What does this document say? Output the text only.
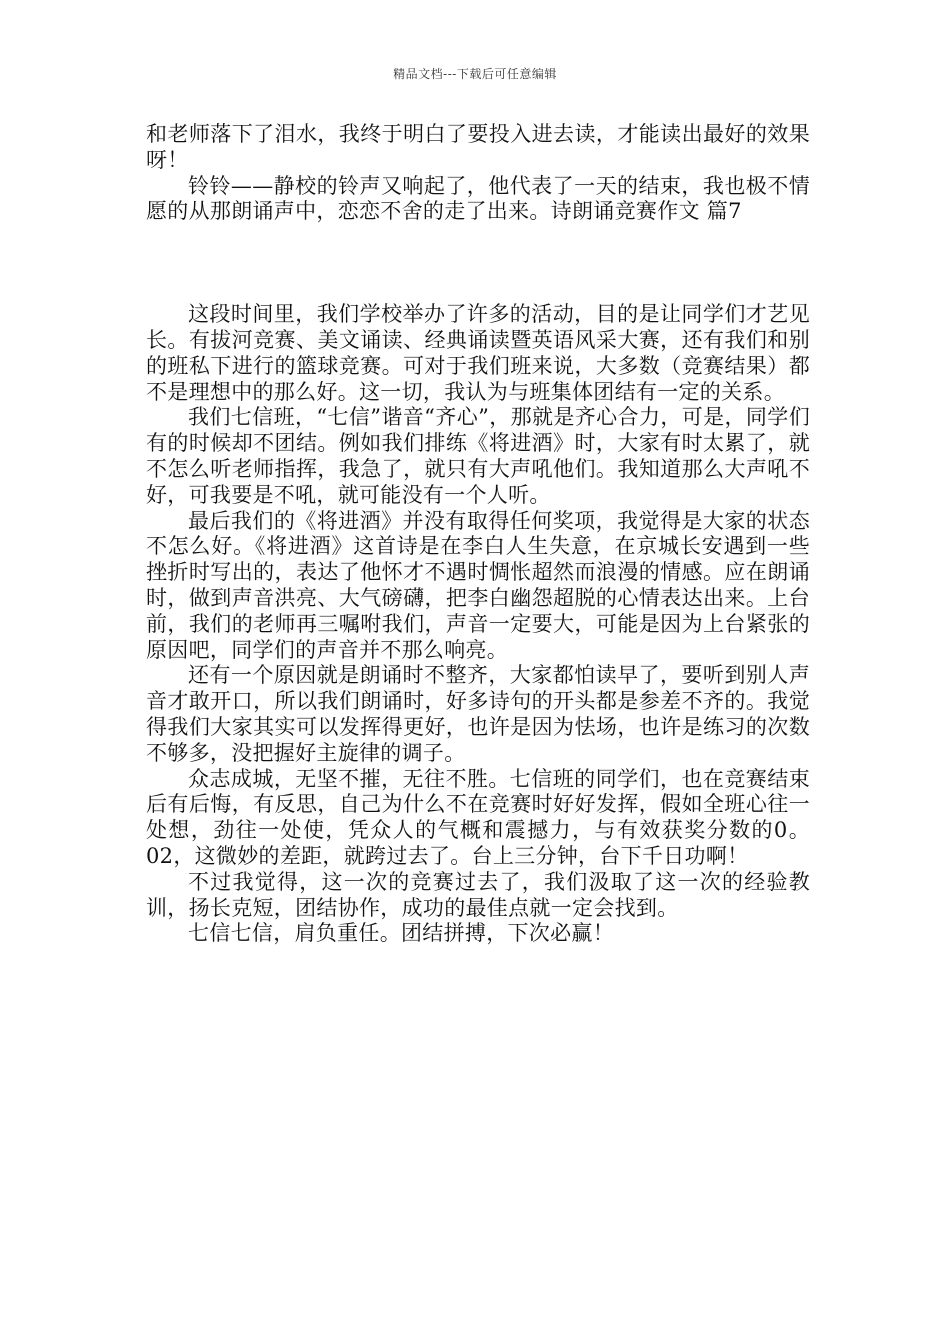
精品文档---下载后可任意编辑

和老师落下了泪水，我终于明白了要投入进去读，才能读出最好的效果呀！

铃铃——静校的铃声又响起了，他代表了一天的结束，我也极不情愿的从那朗诵声中，恋恋不舍的走了出来。诗朗诵竞赛作文 篇7

这段时间里，我们学校举办了许多的活动，目的是让同学们才艺见长。有拔河竞赛、美文诵读、经典诵读暨英语风采大赛，还有我们和别的班私下进行的篮球竞赛。可对于我们班来说，大多数（竞赛结果）都不是理想中的那么好。这一切，我认为与班集体团结有一定的关系。

我们七信班，“七信”谐音“齐心”，那就是齐心合力，可是，同学们有的时候却不团结。例如我们排练《将进酒》时，大家有时太累了，就不怎么听老师指挥，我急了，就只有大声吼他们。我知道那么大声吼不好，可我要是不吼，就可能没有一个人听。

最后我们的《将进酒》并没有取得任何奖项，我觉得是大家的状态不怎么好。《将进酒》这首诗是在李白人生失意，在京城长安遇到一些挫折时写出的，表达了他怀才不遇时惆怅超然而浪漫的情感。应在朗诵时，做到声音洪亮、大气磅礴，把李白幽怨超脱的心情表达出来。上台前，我们的老师再三嘱咐我们，声音一定要大，可能是因为上台紧张的原因吧，同学们的声音并不那么响亮。

还有一个原因就是朗诵时不整齐，大家都怕读早了，要听到别人声音才敢开口，所以我们朗诵时，好多诗句的开头都是参差不齐的。我觉得我们大家其实可以发挥得更好，也许是因为怯场，也许是练习的次数不够多，没把握好主旋律的调子。

众志成城，无坚不摧，无往不胜。七信班的同学们，也在竞赛结束后有后悔，有反思，自己为什么不在竞赛时好好发挥，假如全班心往一处想，劲往一处使，凭众人的气概和震撼力，与有效获奖分数的0。02，这微妙的差距，就跨过去了。台上三分钟，台下千日功啊！

不过我觉得，这一次的竞赛过去了，我们汲取了这一次的经验教训，扬长克短，团结协作，成功的最佳点就一定会找到。

七信七信，肩负重任。团结拼搏，下次必赢！
